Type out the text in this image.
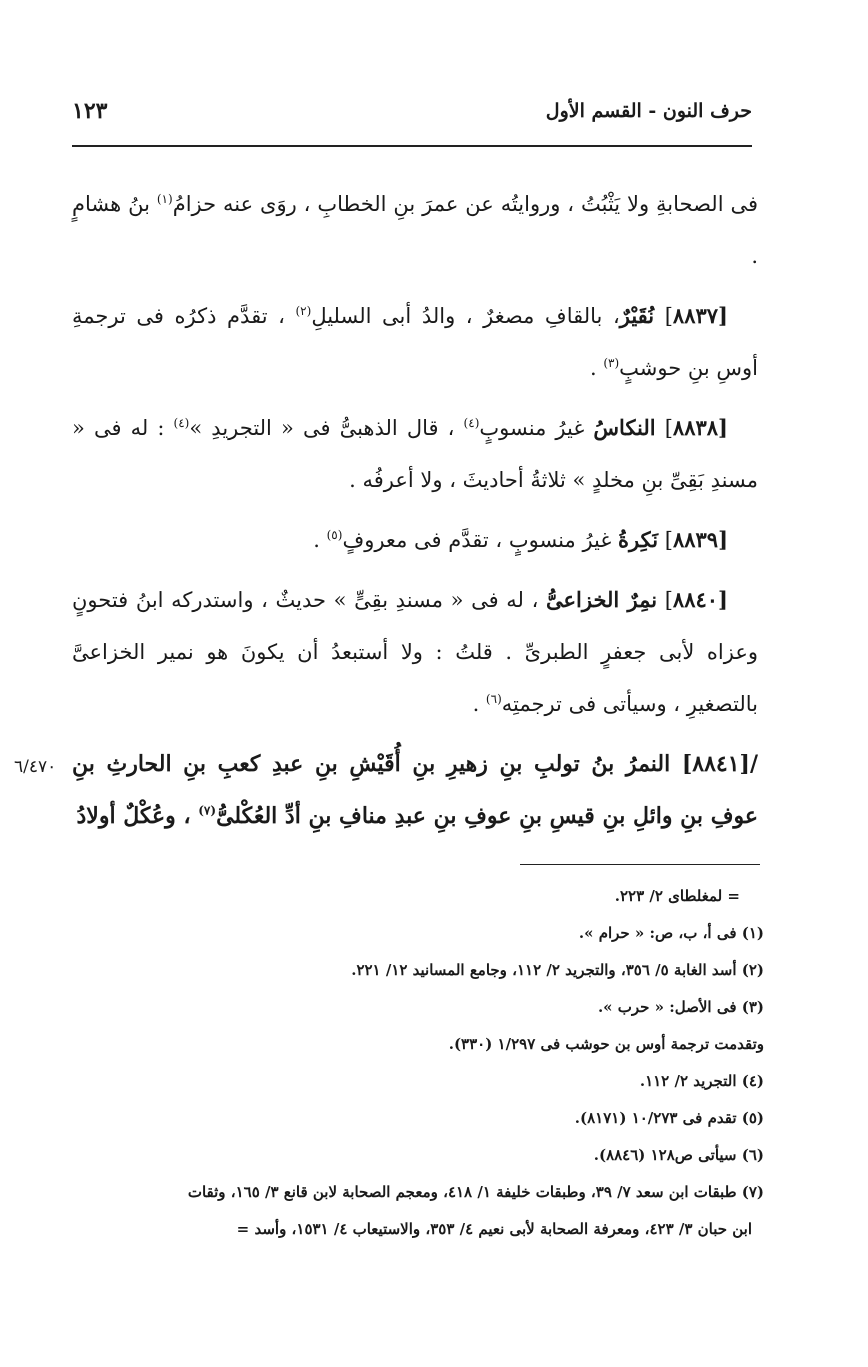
حرف النون - القسم الأول
١٢٣

فى الصحابةِ ولا يَثْبُتُ ، وروايتُه عن عمرَ بنِ الخطابِ ، روَى عنه حزامُ$^{(١)}$ بنُ هشامٍ .

[٨٨٣٧] نُقَيْرٌ، بالقافِ مصغرٌ ، والدُ أبى السليلِ$^{(٢)}$ ، تقدَّم ذكرُه فى ترجمةِ أوسِ بنِ حوشبٍ$^{(٣)}$ .

[٨٨٣٨] النكاسُ غيرُ منسوبٍ$^{(٤)}$ ، قال الذهبىُّ فى « التجريدِ »$^{(٤)}$ : له فى « مسندِ بَقِىِّ بنِ مخلدٍ » ثلاثةُ أحاديثَ ، ولا أعرفُه .

[٨٨٣٩] نَكِرةُ غيرُ منسوبٍ ، تقدَّم فى معروفٍ$^{(٥)}$ .

[٨٨٤٠] نمِرٌ الخزاعىُّ ، له فى « مسندِ بقِىٍّ » حديثٌ ، واستدركه ابنُ فتحونٍ وعزاه لأبى جعفرٍ الطبرىِّ . قلتُ : ولا أستبعدُ أن يكونَ هو نمير الخزاعىَّ بالتصغيرِ ، وسيأتى فى ترجمتِه$^{(٦)}$ .

/[٨٨٤١] النمرُ بنُ تولبِ بنِ زهيرِ بنِ أُقَيْشِ بنِ عبدِ كعبِ بنِ الحارثِ بنِ عوفِ بنِ وائلِ بنِ قيسِ بنِ عوفِ بنِ عبدِ منافِ بنِ أدِّ العُكْلىُّ$^{(٧)}$ ، وعُكْلٌ أولادُ

٦/٤٧٠
= لمغلطاى ٢/ ٢٢٣.
(١) فى أ، ب، ص: « حرام ».
(٢) أسد الغابة ٥/ ٣٥٦، والتجريد ٢/ ١١٢، وجامع المسانيد ١٢/ ٢٢١.
(٣) فى الأصل: « حرب ».
وتقدمت ترجمة أوس بن حوشب فى ١/٢٩٧ (٣٣٠).
(٤) التجريد ٢/ ١١٢.
(٥) تقدم فى ١٠/٢٧٣ (٨١٧١).
(٦) سيأتى ص١٢٨ (٨٨٤٦).
(٧) طبقات ابن سعد ٧/ ٣٩، وطبقات خليفة ١/ ٤١٨، ومعجم الصحابة لابن قانع ٣/ ١٦٥، وثقات
ابن حبان ٣/ ٤٢٣، ومعرفة الصحابة لأبى نعيم ٤/ ٣٥٣، والاستيعاب ٤/ ١٥٣١، وأسد =
